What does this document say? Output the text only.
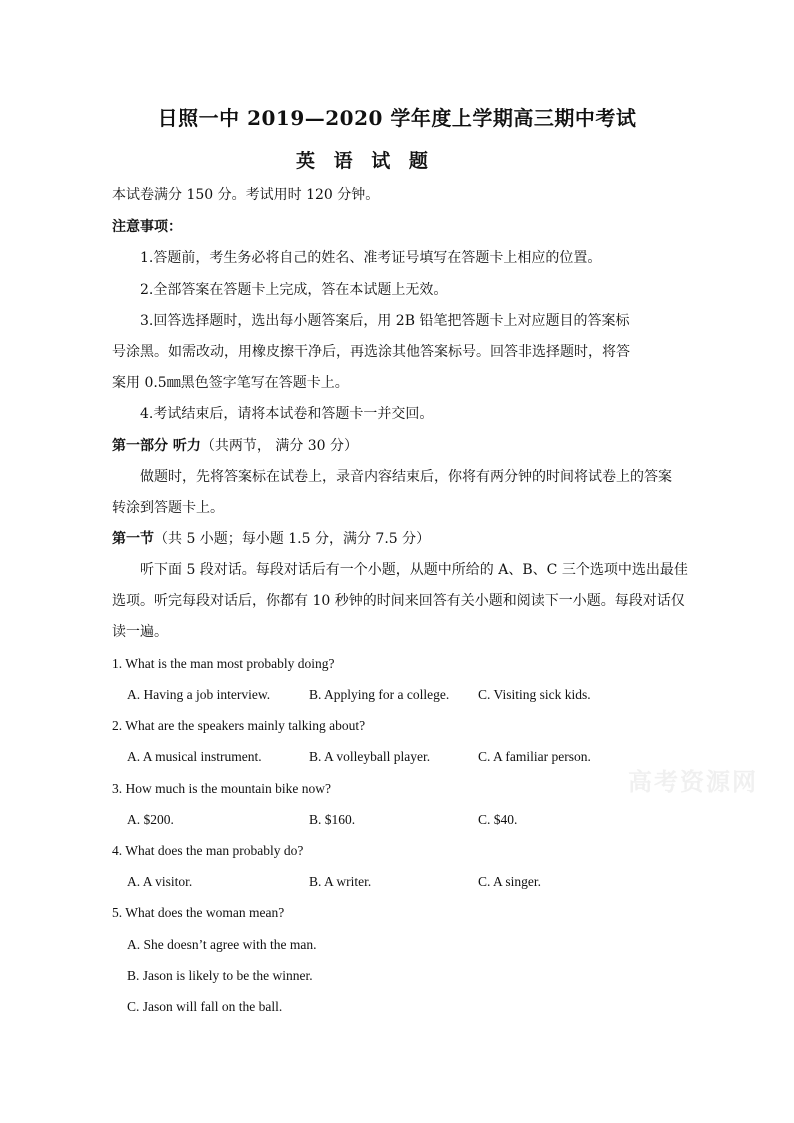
日照一中 2019—2020 学年度上学期高三期中考试
英 语 试 题
本试卷满分 150 分。考试用时 120 分钟。
注意事项：
1.答题前，考生务必将自己的姓名、准考证号填写在答题卡上相应的位置。
2.全部答案在答题卡上完成，答在本试题上无效。
3.回答选择题时，选出每小题答案后，用 2B 铅笔把答题卡上对应题目的答案标
号涂黑。如需改动，用橡皮擦干净后，再选涂其他答案标号。回答非选择题时，将答
案用 0.5㎜黑色签字笔写在答题卡上。
4.考试结束后，请将本试卷和答题卡一并交回。
第一部分 听力（共两节， 满分 30 分）
做题时，先将答案标在试卷上，录音内容结束后，你将有两分钟的时间将试卷上的答案
转涂到答题卡上。
第一节（共 5 小题；每小题 1.5 分，满分 7.5 分）
听下面 5 段对话。每段对话后有一个小题，从题中所给的 A、B、C 三个选项中选出最佳
选项。听完每段对话后，你都有 10 秒钟的时间来回答有关小题和阅读下一小题。每段对话仅
读一遍。
1. What is the man most probably doing?
A. Having a job interview.	B. Applying for a college. C. Visiting sick kids.
2. What are the speakers mainly talking about?
A. A musical instrument.	B. A volleyball player.	C. A familiar person.
3. How much is the mountain bike now?
A. $200.	B. $160.	C. $40.
4. What does the man probably do?
A. A visitor.	B. A writer.	C. A singer.
5. What does the woman mean?
A. She doesn’t agree with the man.
B. Jason is likely to be the winner.
C. Jason will fall on the ball.
高考资源网
